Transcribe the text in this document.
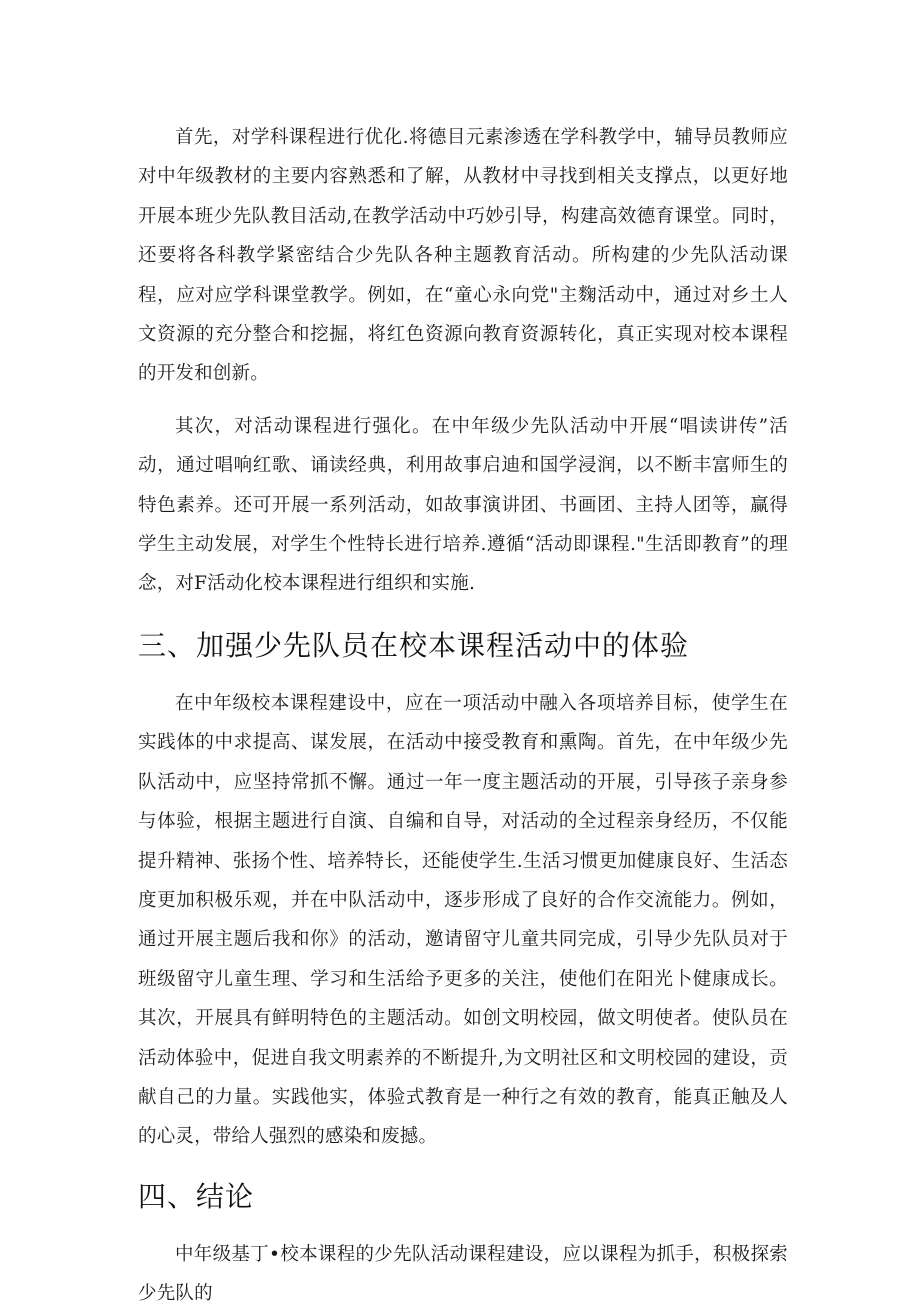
首先，对学科课程进行优化.将德目元素渗透在学科教学中，辅导员教师应对中年级教材的主要内容熟悉和了解，从教材中寻找到相关支撑点，以更好地开展本班少先队教目活动,在教学活动中巧妙引导，构建高效德育课堂。同时，还要将各科教学紧密结合少先队各种主题教育活动。所构建的少先队活动课程，应对应学科课堂教学。例如，在“童心永向党"主麴活动中，通过对乡土人文资源的充分整合和挖掘，将红色资源向教育资源转化，真正实现对校本课程的开发和创新。

其次，对活动课程进行强化。在中年级少先队活动中开展“唱读讲传”活动，通过唱响红歌、诵读经典，利用故事启迪和国学浸润，以不断丰富师生的特色素养。还可开展一系列活动，如故事演讲团、书画团、主持人团等，赢得学生主动发展，对学生个性特长进行培养.遵循“活动即课程."生活即教育”的理念，对F活动化校本课程进行组织和实施.

三、加强少先队员在校本课程活动中的体验

在中年级校本课程建设中，应在一项活动中融入各项培养目标，使学生在实践体的中求提高、谋发展，在活动中接受教育和熏陶。首先，在中年级少先队活动中，应坚持常抓不懈。通过一年一度主题活动的开展，引导孩子亲身参与体验，根据主题进行自演、自编和自导，对活动的全过程亲身经历，不仅能提升精神、张扬个性、培养特长，还能使学生.生活习惯更加健康良好、生活态度更加积极乐观，并在中队活动中，逐步形成了良好的合作交流能力。例如，通过开展主题后我和你》的活动，邀请留守儿童共同完成，引导少先队员对于班级留守儿童生理、学习和生活给予更多的关注，使他们在阳光卜健康成长。其次，开展具有鲜明特色的主题活动。如创文明校园，做文明使者。使队员在活动体验中，促进自我文明素养的不断提升,为文明社区和文明校园的建设，贡献自己的力量。实践他实，体验式教育是一种行之有效的教育，能真正触及人的心灵，带给人强烈的感染和废撼。

四、结论

中年级基丁•校本课程的少先队活动课程建设，应以课程为抓手，积极探索少先队的
